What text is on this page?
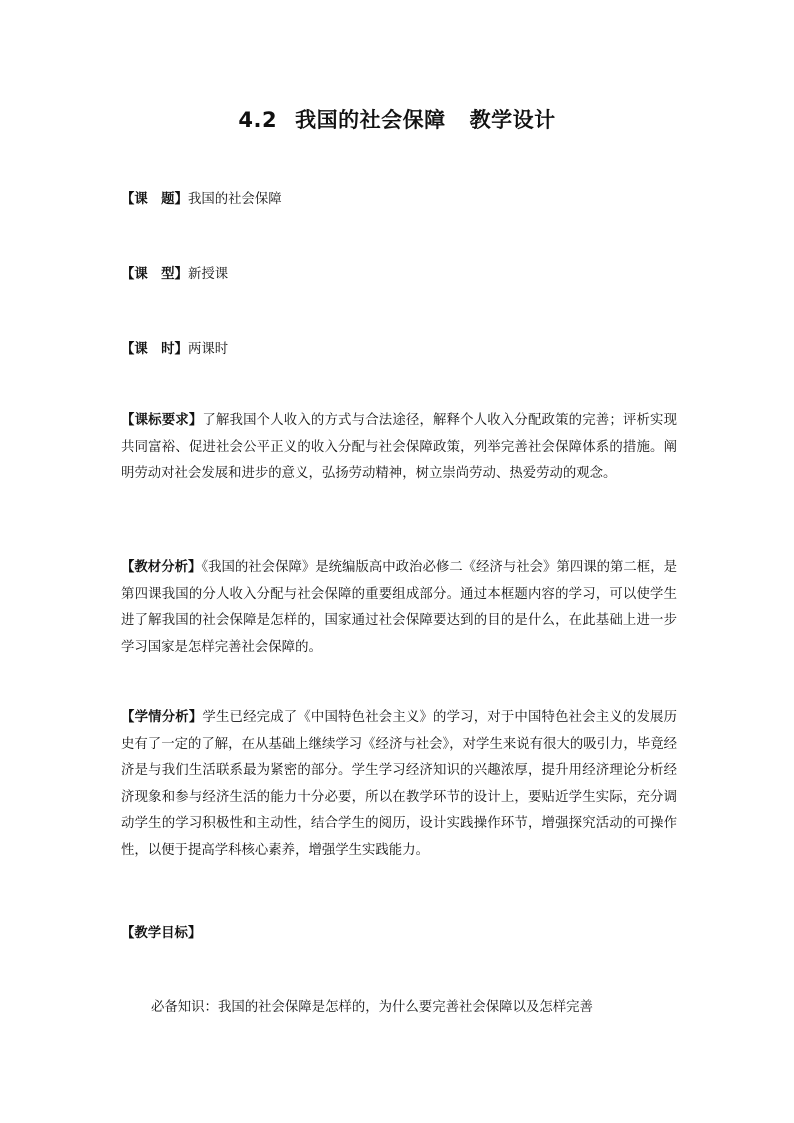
4.2 我国的社会保障 教学设计

【课　题】我国的社会保障

【课　型】新授课

【课　时】两课时

【课标要求】了解我国个人收入的方式与合法途径，解释个人收入分配政策的完善；评析实现共同富裕、促进社会公平正义的收入分配与社会保障政策，列举完善社会保障体系的措施。阐明劳动对社会发展和进步的意义，弘扬劳动精神，树立崇尚劳动、热爱劳动的观念。

【教材分析】《我国的社会保障》是统编版高中政治必修二《经济与社会》第四课的第二框，是第四课我国的分人收入分配与社会保障的重要组成部分。通过本框题内容的学习，可以使学生进了解我国的社会保障是怎样的，国家通过社会保障要达到的目的是什么，在此基础上进一步学习国家是怎样完善社会保障的。

【学情分析】学生已经完成了《中国特色社会主义》的学习，对于中国特色社会主义的发展历史有了一定的了解，在从基础上继续学习《经济与社会》，对学生来说有很大的吸引力，毕竟经济是与我们生活联系最为紧密的部分。学生学习经济知识的兴趣浓厚，提升用经济理论分析经济现象和参与经济生活的能力十分必要，所以在教学环节的设计上，要贴近学生实际，充分调动学生的学习积极性和主动性，结合学生的阅历，设计实践操作环节，增强探究活动的可操作性，以便于提高学科核心素养，增强学生实践能力。

【教学目标】

必备知识：我国的社会保障是怎样的，为什么要完善社会保障以及怎样完善
